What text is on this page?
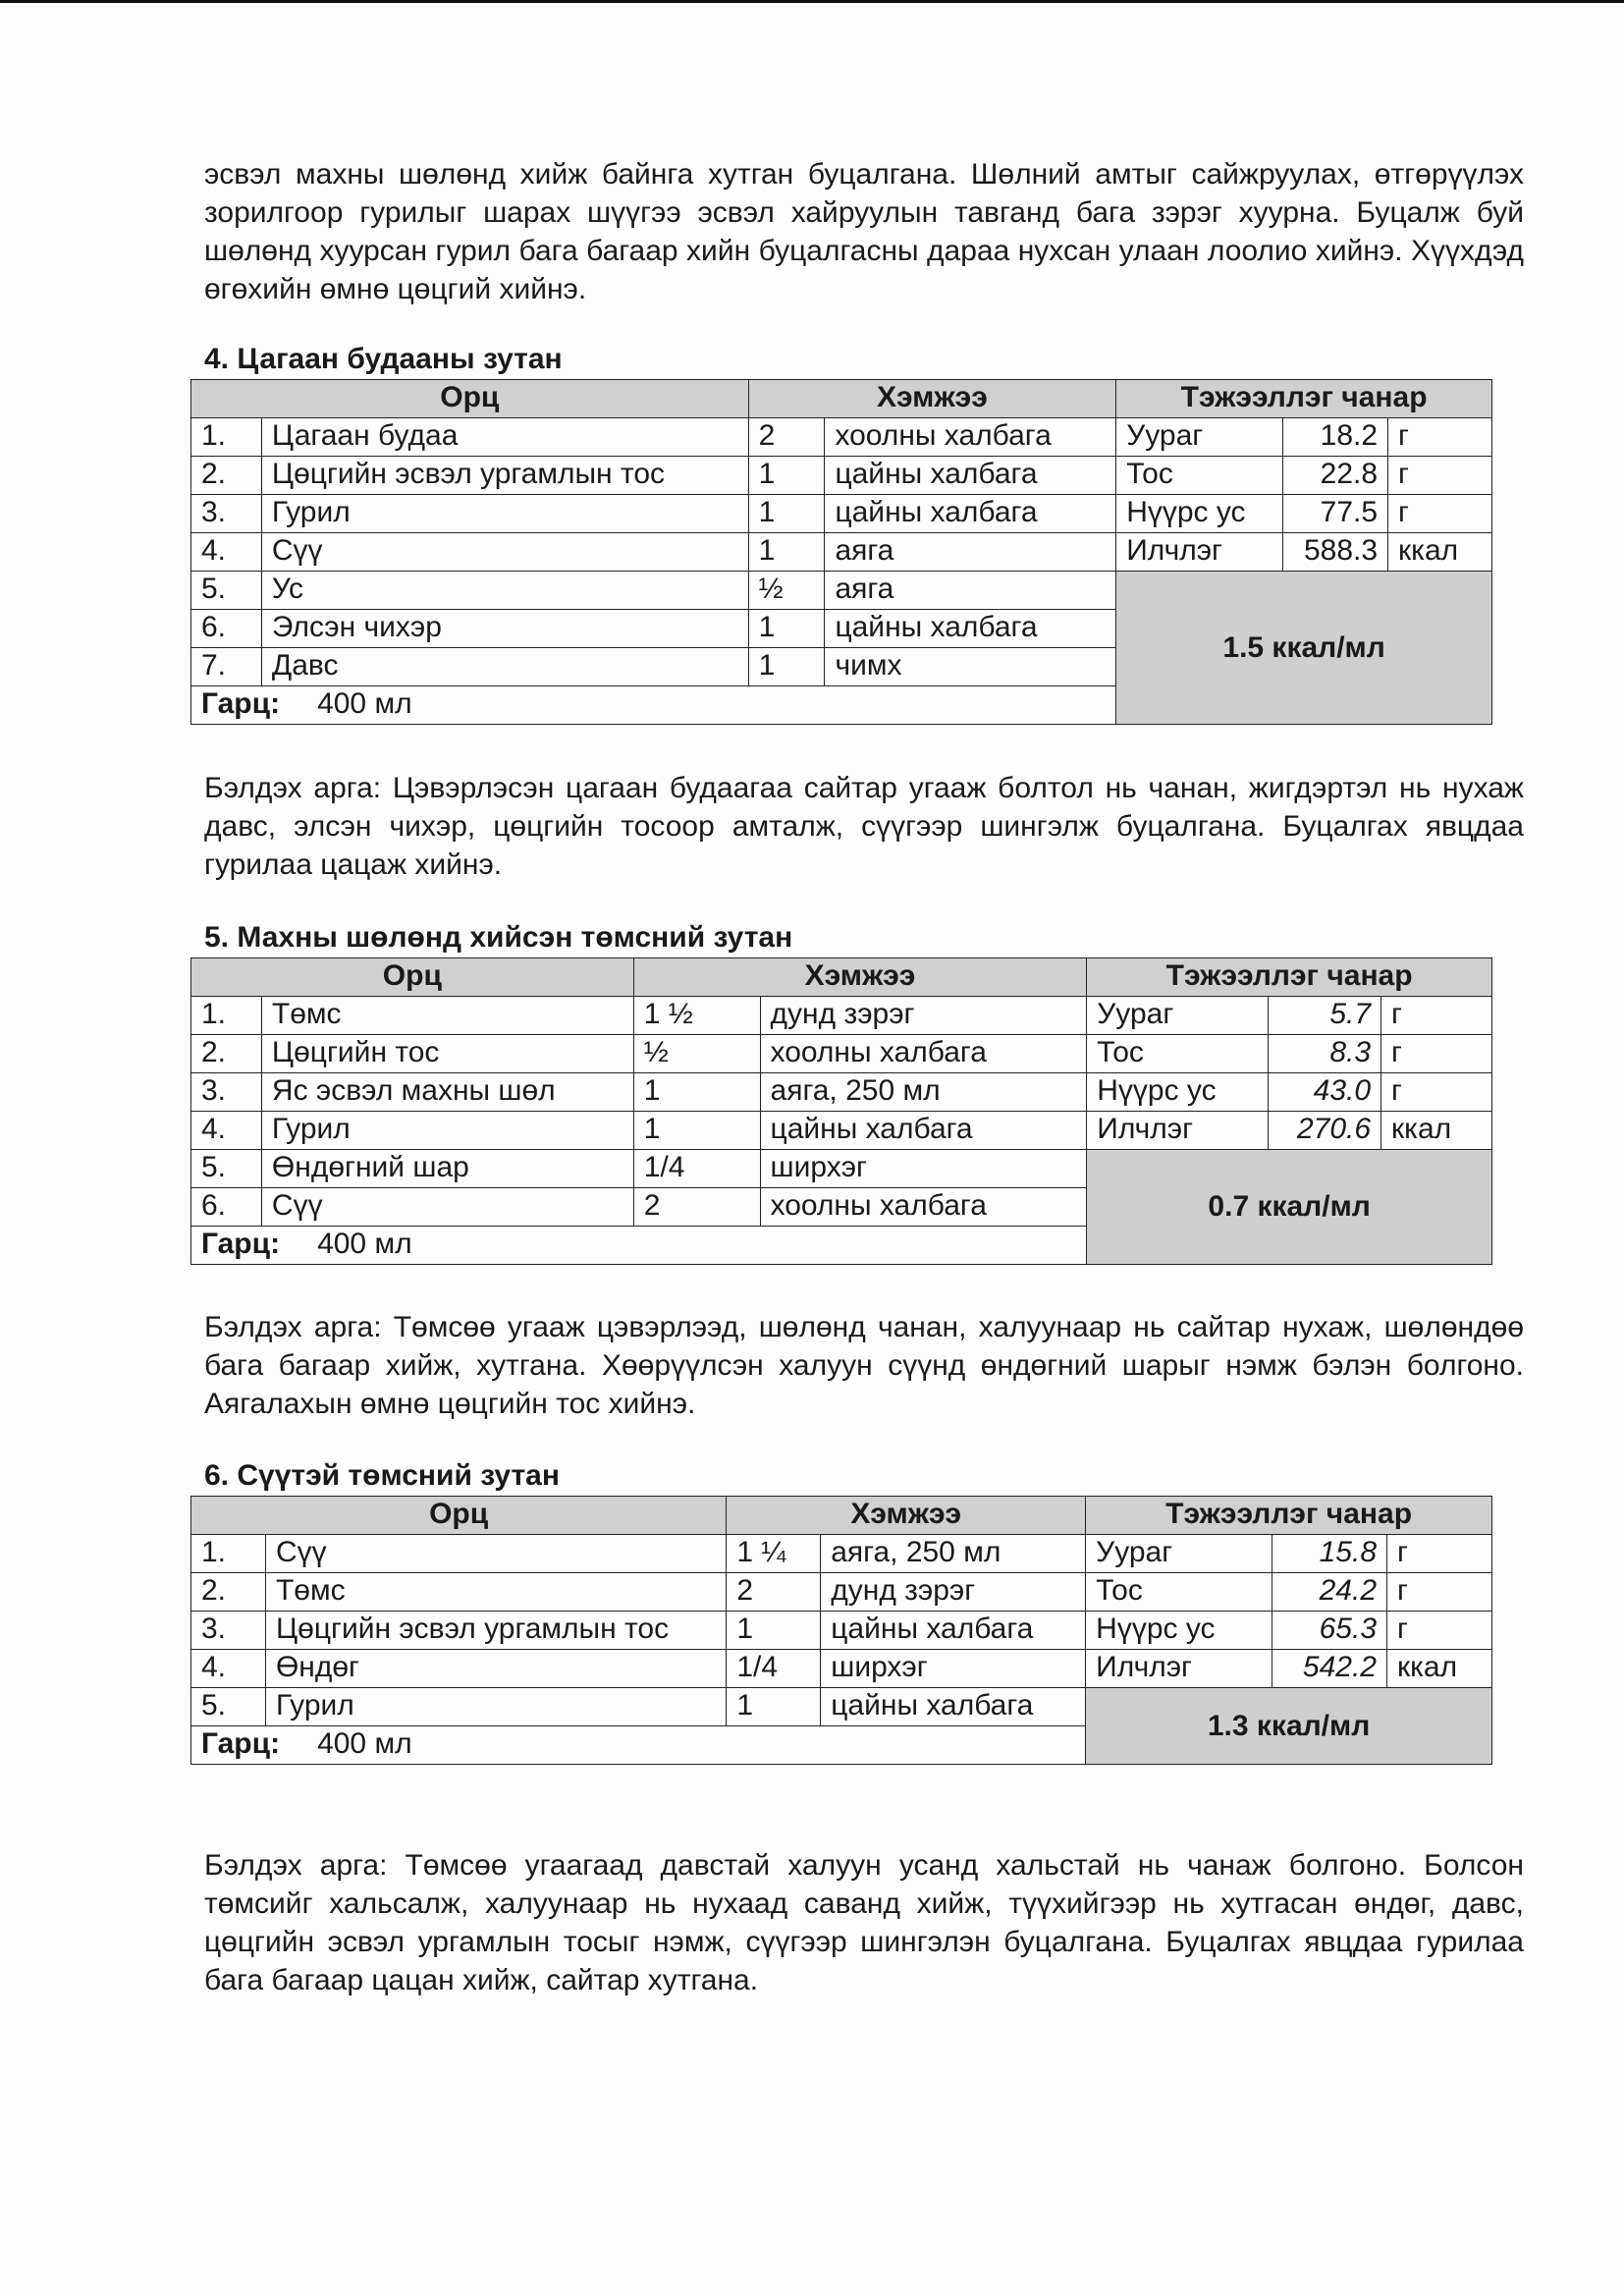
эсвэл махны шөлөнд хийж байнга хутган буцалгана. Шөлний амтыг сайжруулах, өтгөрүүлэх зорилгоор гурилыг шарах шүүгээ эсвэл хайруулын тавганд бага зэрэг хуурна. Буцалж буй шөлөнд хуурсан гурил бага багаар хийн буцалгасны дараа нухсан улаан лоолио хийнэ. Хүүхдэд өгөхийн өмнө цөцгий хийнэ.

4. Цагаан будааны зутан

Орц		Хэмжээ		Тэжээллэг чанар		
1.	Цагаан будаа	2	хоолны халбага	Уураг	18.2	г
2.	Цөцгийн эсвэл ургамлын тос	1	цайны халбага	Тос	22.8	г
3.	Гурил	1	цайны халбага	Нүүрс ус	77.5	г
4.	Сүү	1	аяга	Илчлэг	588.3	ккал
5.	Ус	½	аяга	1.5 ккал/мл		
6.	Элсэн чихэр	1	цайны халбага			
7.	Давс	1	чимх			
Гарц: 400 мл						

Бэлдэх арга: Цэвэрлэсэн цагаан будаагаа сайтар угааж болтол нь чанан, жигдэртэл нь нухаж давс, элсэн чихэр, цөцгийн тосоор амталж, сүүгээр шингэлж буцалгана. Буцалгах явцдаа гурилаа цацаж хийнэ.

5. Махны шөлөнд хийсэн төмсний зутан

Орц		Хэмжээ		Тэжээллэг чанар		
1.	Төмс	1 ½	дунд зэрэг	Уураг	5.7	г
2.	Цөцгийн тос	½	хоолны халбага	Тос	8.3	г
3.	Яс эсвэл махны шөл	1	аяга, 250 мл	Нүүрс ус	43.0	г
4.	Гурил	1	цайны халбага	Илчлэг	270.6	ккал
5.	Өндөгний шар	1/4	ширхэг	0.7 ккал/мл		
6.	Сүү	2	хоолны халбага			
Гарц: 400 мл						

Бэлдэх арга: Төмсөө угааж цэвэрлээд, шөлөнд чанан, халуунаар нь сайтар нухаж, шөлөндөө бага багаар хийж, хутгана. Хөөрүүлсэн халуун сүүнд өндөгний шарыг нэмж бэлэн болгоно. Аягалахын өмнө цөцгийн тос хийнэ.

6. Сүүтэй төмсний зутан

Орц		Хэмжээ		Тэжээллэг чанар		
1.	Сүү	1 ¼	аяга, 250 мл	Уураг	15.8	г
2.	Төмс	2	дунд зэрэг	Тос	24.2	г
3.	Цөцгийн эсвэл ургамлын тос	1	цайны халбага	Нүүрс ус	65.3	г
4.	Өндөг	1/4	ширхэг	Илчлэг	542.2	ккал
5.	Гурил	1	цайны халбага	1.3 ккал/мл		
Гарц: 400 мл						

Бэлдэх арга: Төмсөө угаагаад давстай халуун усанд хальстай нь чанаж болгоно. Болсон төмсийг хальсалж, халуунаар нь нухаад саванд хийж, түүхийгээр нь хутгасан өндөг, давс, цөцгийн эсвэл ургамлын тосыг нэмж, сүүгээр шингэлэн буцалгана. Буцалгах явцдаа гурилаа бага багаар цацан хийж, сайтар хутгана.
